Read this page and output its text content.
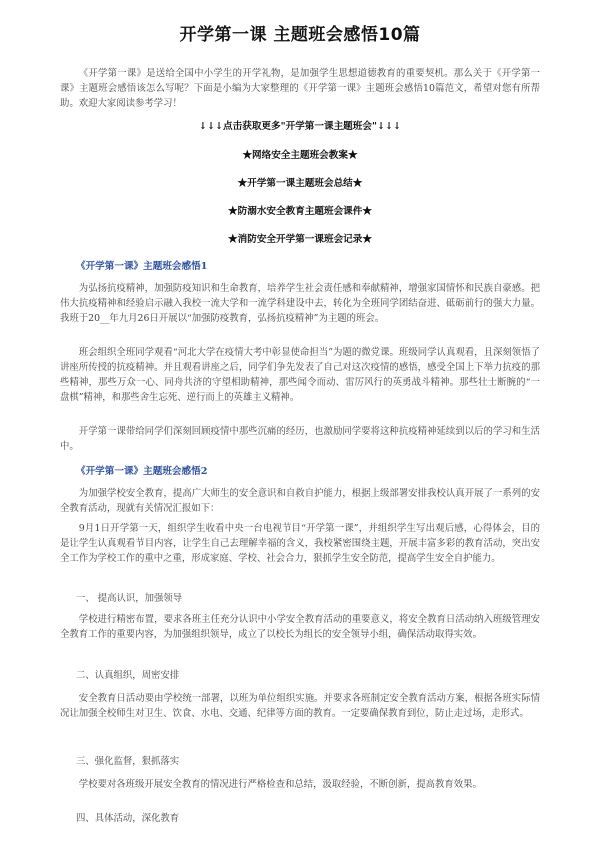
开学第一课 主题班会感悟10篇

《开学第一课》是送给全国中小学生的开学礼物，是加强学生思想道德教育的重要契机。那么关于《开学第一课》主题班会感悟该怎么写呢？下面是小编为大家整理的《开学第一课》主题班会感悟10篇范文，希望对您有所帮助。欢迎大家阅读参考学习！

↓↓↓点击获取更多"开学第一课主题班会"↓↓↓

★网络安全主题班会教案★

★开学第一课主题班会总结★

★防溺水安全教育主题班会课件★

★消防安全开学第一课班会记录★

《开学第一课》主题班会感悟1

为弘扬抗疫精神，加强防疫知识和生命教育，培养学生社会责任感和奉献精神，增强家国情怀和民族自豪感。把伟大抗疫精神和经验启示融入我校一流大学和一流学科建设中去，转化为全班同学团结奋进、砥砺前行的强大力量。我班于20__年九月26日开展以“加强防疫教育，弘扬抗疫精神”为主题的班会。

班会组织全班同学观看“河北大学在疫情大考中彰显使命担当”为题的微党课。班级同学认真观看，且深刻领悟了讲座所传授的抗疫精神。并且观看讲座之后，同学们争先发表了自己对这次疫情的感悟，感受全国上下举力抗疫的那些精神，那些万众一心、同舟共济的守望相助精神，那些闻令而动、雷厉风行的英勇战斗精神。那些壮士断腕的“一盘棋”精神，和那些舍生忘死、逆行而上的英雄主义精神。

开学第一课带给同学们深刻回顾疫情中那些沉痛的经历，也激励同学要将这种抗疫精神延续到以后的学习和生活中。

《开学第一课》主题班会感悟2

为加强学校安全教育，提高广大师生的安全意识和自救自护能力，根据上级部署安排我校认真开展了一系列的安全教育活动，现就有关情况汇报如下：

9月1日开学第一天，组织学生收看中央一台电视节目“开学第一课”，并组织学生写出观后感，心得体会，目的是让学生认真观看节目内容，让学生自己去理解幸福的含义，我校紧密围绕主题，开展丰富多彩的教育活动，突出安全工作为学校工作的重中之重，形成家庭、学校、社会合力，狠抓学生安全防范，提高学生安全自护能力。

一、 提高认识，加强领导

学校进行精密布置，要求各班主任充分认识中小学安全教育活动的重要意义，将安全教育日活动纳入班级管理安全教育工作的重要内容，为加强组织领导，成立了以校长为组长的安全领导小组，确保活动取得实效。

二、认真组织，周密安排

安全教育日活动要由学校统一部署，以班为单位组织实施。并要求各班制定安全教育活动方案，根据各班实际情况让加强全校师生对卫生、饮食、水电、交通、纪律等方面的教育。一定要确保教育到位，防止走过场，走形式。

三、强化监督，狠抓落实

学校要对各班级开展安全教育的情况进行严格检查和总结，汲取经验，不断创新，提高教育效果。

四、具体活动，深化教育
